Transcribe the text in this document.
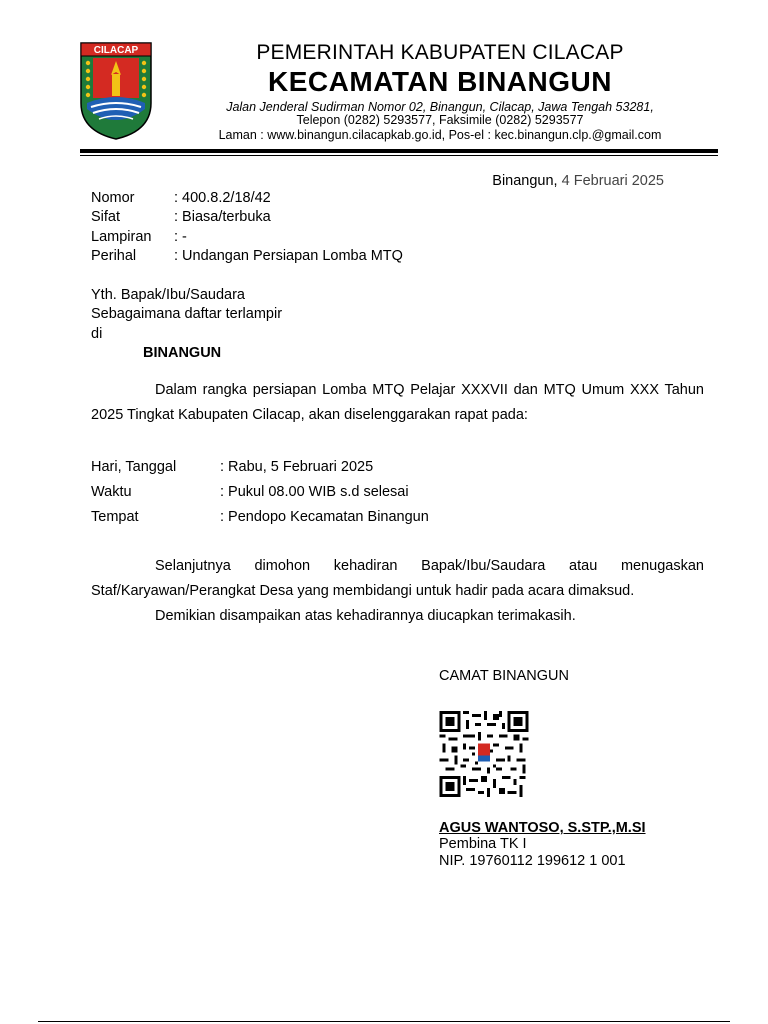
CILACAP	PEMERINTAH KABUPATEN CILACAP
KECAMATAN BINANGUN
Jalan Jenderal Sudirman Nomor 02, Binangun, Cilacap, Jawa Tengah 53281,
Telepon (0282) 5293577, Faksimile (0282) 5293577
Laman : www.binangun.cilacapkab.go.id, Pos-el : kec.binangun.clp.@gmail.com
Binangun, 4 Februari 2025
Nomor	: 400.8.2/18/42
Sifat	: Biasa/terbuka
Lampiran : -
Perihal	: Undangan Persiapan Lomba MTQ
Yth. Bapak/Ibu/Saudara
Sebagaimana daftar terlampir
di
BINANGUN
Dalam rangka persiapan Lomba MTQ Pelajar XXXVII dan MTQ Umum XXX Tahun 2025 Tingkat Kabupaten Cilacap, akan diselenggarakan rapat pada:
Hari, Tanggal	: Rabu, 5 Februari 2025
Waktu	: Pukul 08.00 WIB s.d selesai
Tempat	: Pendopo Kecamatan Binangun
Selanjutnya dimohon kehadiran Bapak/Ibu/Saudara atau menugaskan Staf/Karyawan/Perangkat Desa yang membidangi untuk hadir pada acara dimaksud.
Demikian disampaikan atas kehadirannya diucapkan terimakasih.
CAMAT BINANGUN
AGUS WANTOSO, S.STP.,M.SI
Pembina TK I
NIP. 19760112 199612 1 001
